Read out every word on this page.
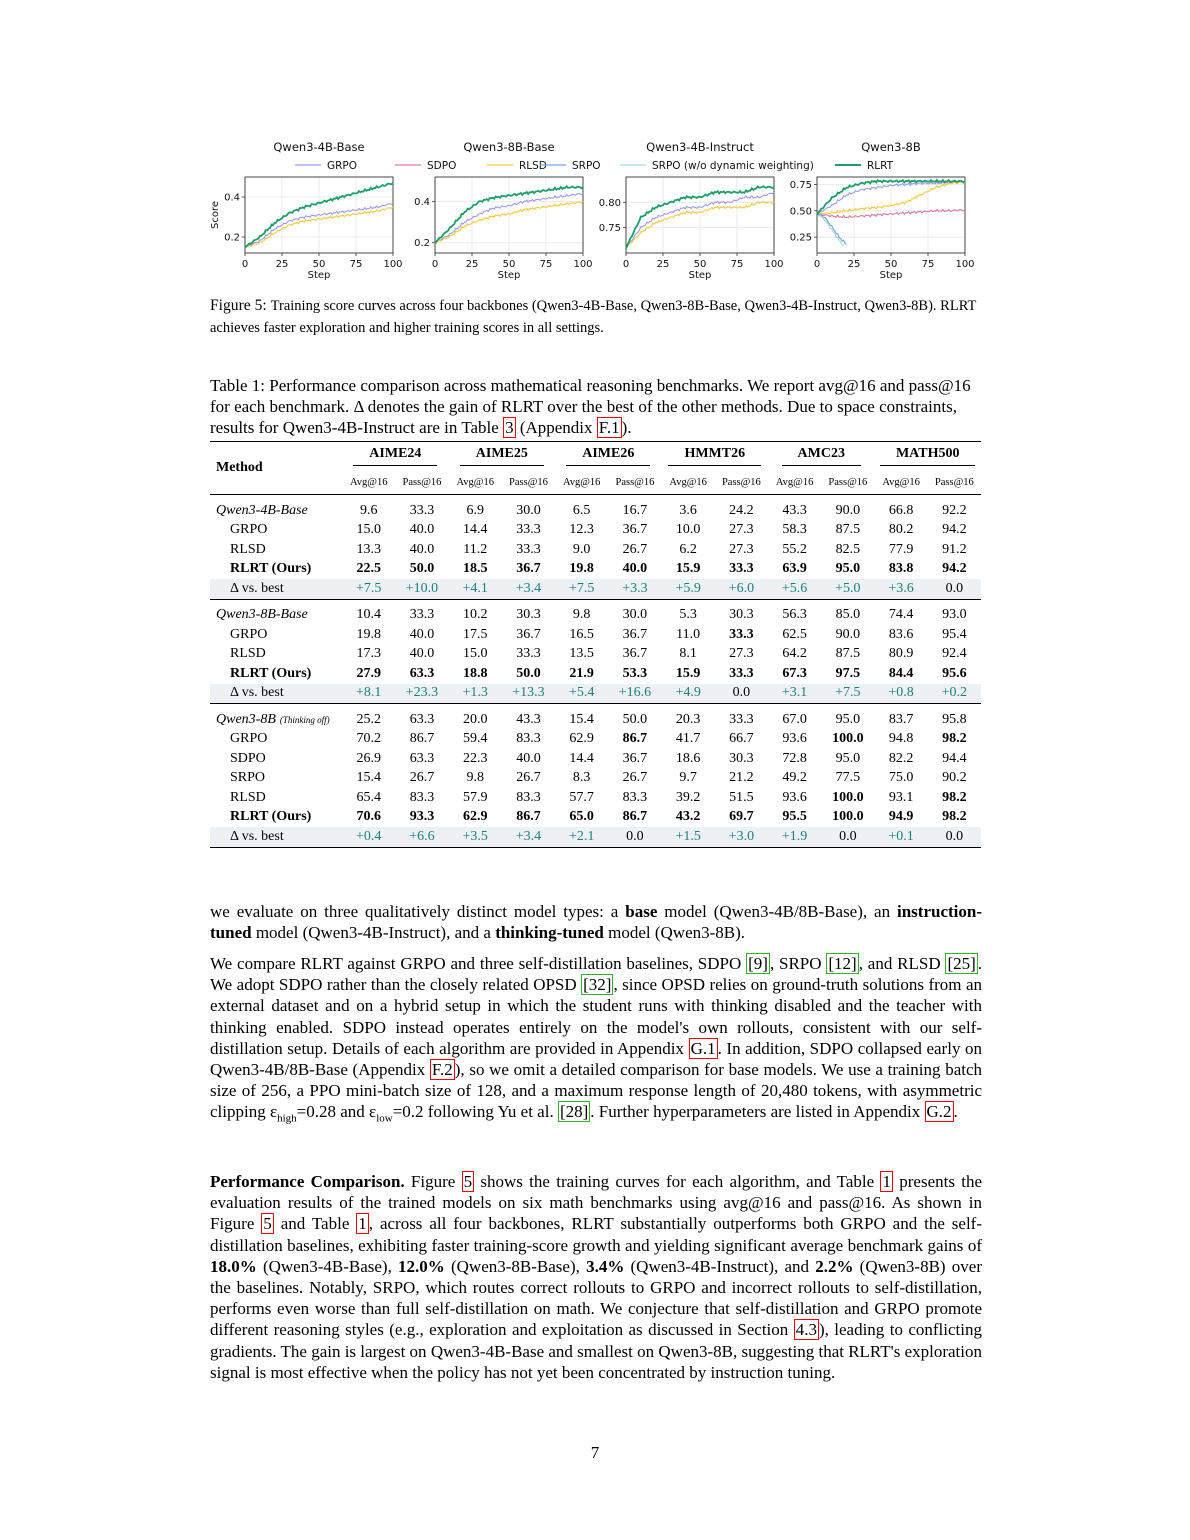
GRPO	SDPO	RLSD SRPO	SRPO (w/o dynamic weighting)	RLRT
Qwen3-4B-Base
0	25 50 75 100
0.2
0.4
Step
Score
Qwen3-8B-Base
0	25 50 75 100
0.2
0.4
Step
Qwen3-4B-Instruct
0	25 50 75 100
0.75
0.80
Step
Qwen3-8B
0	25 50 75 100
0.25
0.50
0.75
Step
Figure 5: Training score curves across four backbones (Qwen3-4B-Base, Qwen3-8B-Base, Qwen3-4B-Instruct, Qwen3-8B). RLRT achieves faster exploration and higher training scores in all settings.
Table 1: Performance comparison across mathematical reasoning benchmarks. We report avg@16 and pass@16 for each benchmark. Δ denotes the gain of RLRT over the best of the other methods. Due to space constraints, results for Qwen3-4B-Instruct are in Table 3 (Appendix F.1 ).
Method	AIME24		AIME25		AIME26		HMMT26		AMC23		MATH500	
	Avg@16	Pass@16	Avg@16	Pass@16	Avg@16	Pass@16	Avg@16	Pass@16	Avg@16	Pass@16	Avg@16	Pass@16
Qwen3-4B-Base	9.6	33.3	6.9	30.0	6.5	16.7	3.6	24.2	43.3	90.0	66.8	92.2
GRPO	15.0	40.0	14.4	33.3	12.3	36.7	10.0	27.3	58.3	87.5	80.2	94.2
RLSD	13.3	40.0	11.2	33.3	9.0	26.7	6.2	27.3	55.2	82.5	77.9	91.2
RLRT (Ours)	22.5	50.0	18.5	36.7	19.8	40.0	15.9	33.3	63.9	95.0	83.8	94.2
Δ vs. best	+7.5	+10.0	+4.1	+3.4	+7.5	+3.3	+5.9	+6.0	+5.6	+5.0	+3.6	0.0
Qwen3-8B-Base	10.4	33.3	10.2	30.3	9.8	30.0	5.3	30.3	56.3	85.0	74.4	93.0
GRPO	19.8	40.0	17.5	36.7	16.5	36.7	11.0	33.3	62.5	90.0	83.6	95.4
RLSD	17.3	40.0	15.0	33.3	13.5	36.7	8.1	27.3	64.2	87.5	80.9	92.4
RLRT (Ours)	27.9	63.3	18.8	50.0	21.9	53.3	15.9	33.3	67.3	97.5	84.4	95.6
Δ vs. best	+8.1	+23.3	+1.3	+13.3	+5.4	+16.6	+4.9	0.0	+3.1	+7.5	+0.8	+0.2
Qwen3-8B (Thinking off)	25.2	63.3	20.0	43.3	15.4	50.0	20.3	33.3	67.0	95.0	83.7	95.8
GRPO	70.2	86.7	59.4	83.3	62.9	86.7	41.7	66.7	93.6	100.0	94.8	98.2
SDPO	26.9	63.3	22.3	40.0	14.4	36.7	18.6	30.3	72.8	95.0	82.2	94.4
SRPO	15.4	26.7	9.8	26.7	8.3	26.7	9.7	21.2	49.2	77.5	75.0	90.2
RLSD	65.4	83.3	57.9	83.3	57.7	83.3	39.2	51.5	93.6	100.0	93.1	98.2
RLRT (Ours)	70.6	93.3	62.9	86.7	65.0	86.7	43.2	69.7	95.5	100.0	94.9	98.2
Δ vs. best	+0.4	+6.6	+3.5	+3.4	+2.1	0.0	+1.5	+3.0	+1.9	0.0	+0.1	0.0
we evaluate on three qualitatively distinct model types: a base model (Qwen3-4B/8B-Base), an instruction-tuned model (Qwen3-4B-Instruct), and a thinking-tuned model (Qwen3-8B).
We compare RLRT against GRPO and three self-distillation baselines, SDPO [9] , SRPO [12] , and RLSD [25] . We adopt SDPO rather than the closely related OPSD [32] , since OPSD relies on ground-truth solutions from an external dataset and on a hybrid setup in which the student runs with thinking disabled and the teacher with thinking enabled. SDPO instead operates entirely on the model's own rollouts, consistent with our self-distillation setup. Details of each algorithm are provided in Appendix G.1 . In addition, SDPO collapsed early on Qwen3-4B/8B-Base (Appendix F.2 ), so we omit a detailed comparison for base models. We use a training batch size of 256, a PPO mini-batch size of 128, and a maximum response length of 20,480 tokens, with asymmetric clipping $\varepsilon_{high}=0.28$ and $\varepsilon_{low}=0.2$ following Yu et al. [28] . Further hyperparameters are listed in Appendix G.2 .
Performance Comparison. Figure 5 shows the training curves for each algorithm, and Table 1 presents the evaluation results of the trained models on six math benchmarks using avg@16 and pass@16. As shown in Figure 5 and Table 1 , across all four backbones, RLRT substantially outperforms both GRPO and the self-distillation baselines, exhibiting faster training-score growth and yielding significant average benchmark gains of 18.0% (Qwen3-4B-Base), 12.0% (Qwen3-8B-Base), 3.4% (Qwen3-4B-Instruct), and 2.2% (Qwen3-8B) over the baselines. Notably, SRPO, which routes correct rollouts to GRPO and incorrect rollouts to self-distillation, performs even worse than full self-distillation on math. We conjecture that self-distillation and GRPO promote different reasoning styles (e.g., exploration and exploitation as discussed in Section 4.3 ), leading to conflicting gradients. The gain is largest on Qwen3-4B-Base and smallest on Qwen3-8B, suggesting that RLRT's exploration signal is most effective when the policy has not yet been concentrated by instruction tuning.
7
